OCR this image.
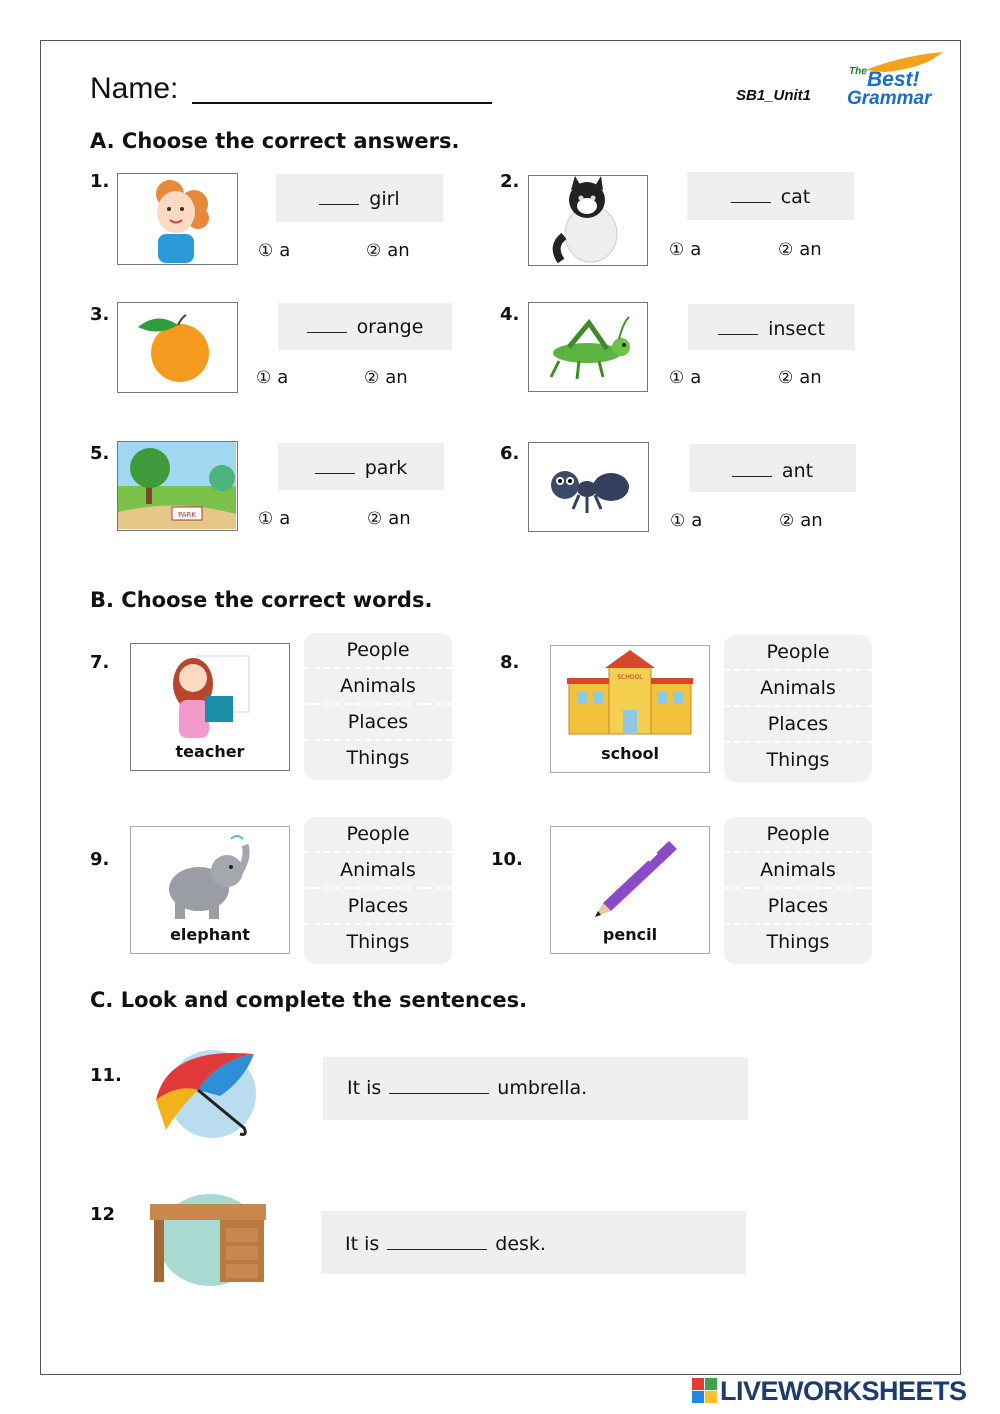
Name:	SB1_Unit1
The Best!
Grammar
A. Choose the correct answers.
1.
girl
① a	② an
2.
cat
① a	② an
3.
orange
① a	② an
4.
insect
① a	② an
5.
PARK
park
① a	② an
6.
ant
① a	② an
B. Choose the correct words.
7.
teacher
People
Animals
Places
Things
8.
SCHOOL
school
People
Animals
Places
Things
9.
elephant
People
Animals
Places
Things
10.
pencil
People
Animals
Places
Things
C. Look and complete the sentences.
11.
It is	umbrella.
12
It is	desk.
LIVEWORKSHEETS
